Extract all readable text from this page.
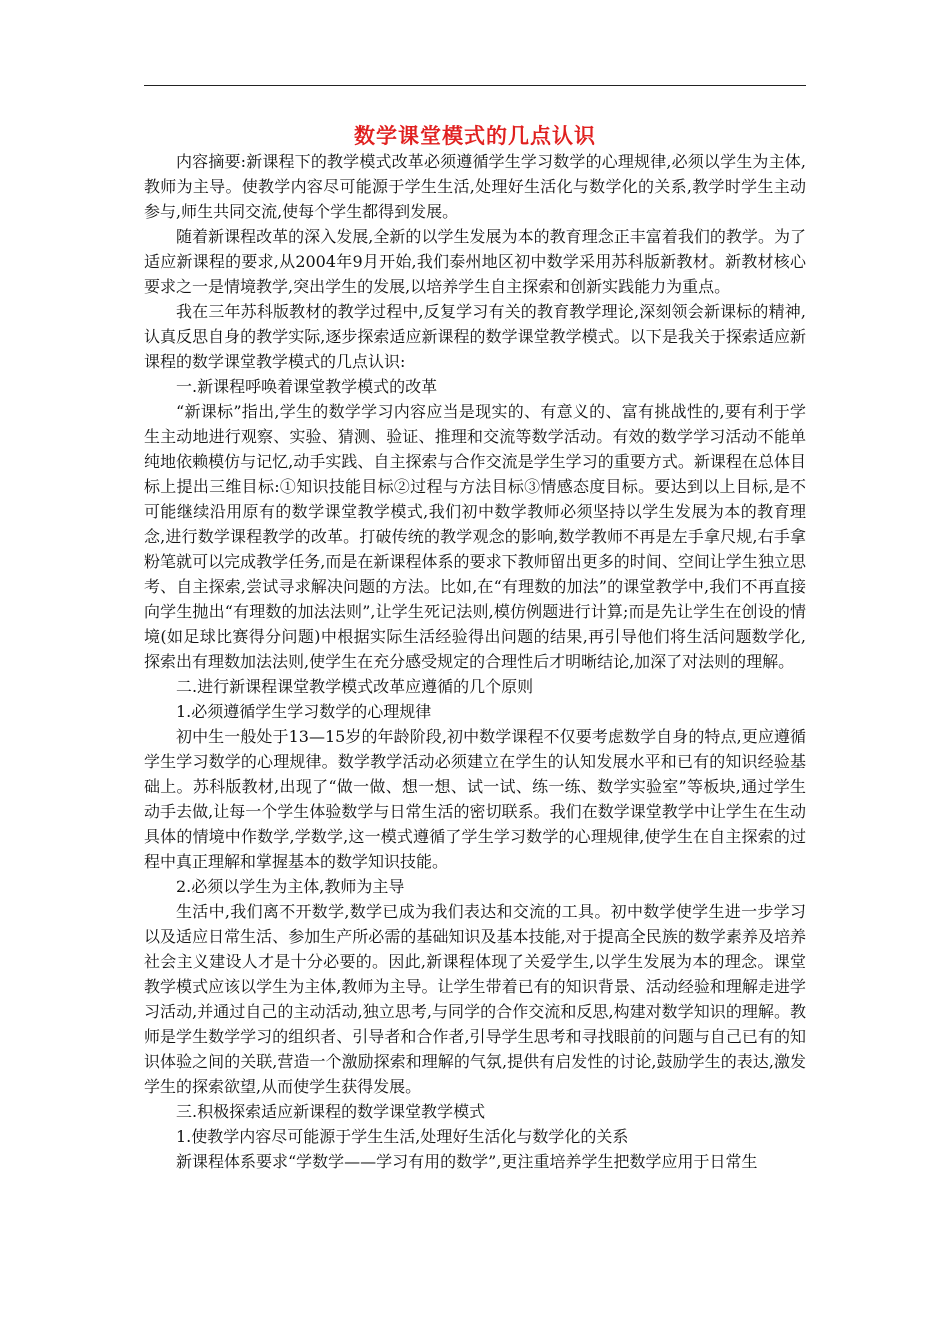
数学课堂模式的几点认识

内容摘要:新课程下的教学模式改革必须遵循学生学习数学的心理规律,必须以学生为主体,教师为主导。使教学内容尽可能源于学生生活,处理好生活化与数学化的关系,教学时学生主动参与,师生共同交流,使每个学生都得到发展。

随着新课程改革的深入发展,全新的以学生发展为本的教育理念正丰富着我们的教学。为了适应新课程的要求,从2004年9月开始,我们泰州地区初中数学采用苏科版新教材。新教材核心要求之一是情境教学,突出学生的发展,以培养学生自主探索和创新实践能力为重点。

我在三年苏科版教材的教学过程中,反复学习有关的教育教学理论,深刻领会新课标的精神,认真反思自身的教学实际,逐步探索适应新课程的数学课堂教学模式。以下是我关于探索适应新课程的数学课堂教学模式的几点认识:

一.新课程呼唤着课堂教学模式的改革

“新课标”指出,学生的数学学习内容应当是现实的、有意义的、富有挑战性的,要有利于学生主动地进行观察、实验、猜测、验证、推理和交流等数学活动。有效的数学学习活动不能单纯地依赖模仿与记忆,动手实践、自主探索与合作交流是学生学习的重要方式。新课程在总体目标上提出三维目标:①知识技能目标②过程与方法目标③情感态度目标。要达到以上目标,是不可能继续沿用原有的数学课堂教学模式,我们初中数学教师必须坚持以学生发展为本的教育理念,进行数学课程教学的改革。打破传统的教学观念的影响,数学教师不再是左手拿尺规,右手拿粉笔就可以完成教学任务,而是在新课程体系的要求下教师留出更多的时间、空间让学生独立思考、自主探索,尝试寻求解决问题的方法。比如,在“有理数的加法”的课堂教学中,我们不再直接向学生抛出“有理数的加法法则”,让学生死记法则,模仿例题进行计算;而是先让学生在创设的情境(如足球比赛得分问题)中根据实际生活经验得出问题的结果,再引导他们将生活问题数学化,探索出有理数加法法则,使学生在充分感受规定的合理性后才明晰结论,加深了对法则的理解。

二.进行新课程课堂教学模式改革应遵循的几个原则

1.必须遵循学生学习数学的心理规律

初中生一般处于13—15岁的年龄阶段,初中数学课程不仅要考虑数学自身的特点,更应遵循学生学习数学的心理规律。数学教学活动必须建立在学生的认知发展水平和已有的知识经验基础上。苏科版教材,出现了“做一做、想一想、试一试、练一练、数学实验室”等板块,通过学生动手去做,让每一个学生体验数学与日常生活的密切联系。我们在数学课堂教学中让学生在生动具体的情境中作数学,学数学,这一模式遵循了学生学习数学的心理规律,使学生在自主探索的过程中真正理解和掌握基本的数学知识技能。

2.必须以学生为主体,教师为主导

生活中,我们离不开数学,数学已成为我们表达和交流的工具。初中数学使学生进一步学习以及适应日常生活、参加生产所必需的基础知识及基本技能,对于提高全民族的数学素养及培养社会主义建设人才是十分必要的。因此,新课程体现了关爱学生,以学生发展为本的理念。课堂教学模式应该以学生为主体,教师为主导。让学生带着已有的知识背景、活动经验和理解走进学习活动,并通过自己的主动活动,独立思考,与同学的合作交流和反思,构建对数学知识的理解。教师是学生数学学习的组织者、引导者和合作者,引导学生思考和寻找眼前的问题与自己已有的知识体验之间的关联,营造一个激励探索和理解的气氛,提供有启发性的讨论,鼓励学生的表达,激发学生的探索欲望,从而使学生获得发展。

三.积极探索适应新课程的数学课堂教学模式

1.使教学内容尽可能源于学生生活,处理好生活化与数学化的关系

新课程体系要求“学数学——学习有用的数学”,更注重培养学生把数学应用于日常生
